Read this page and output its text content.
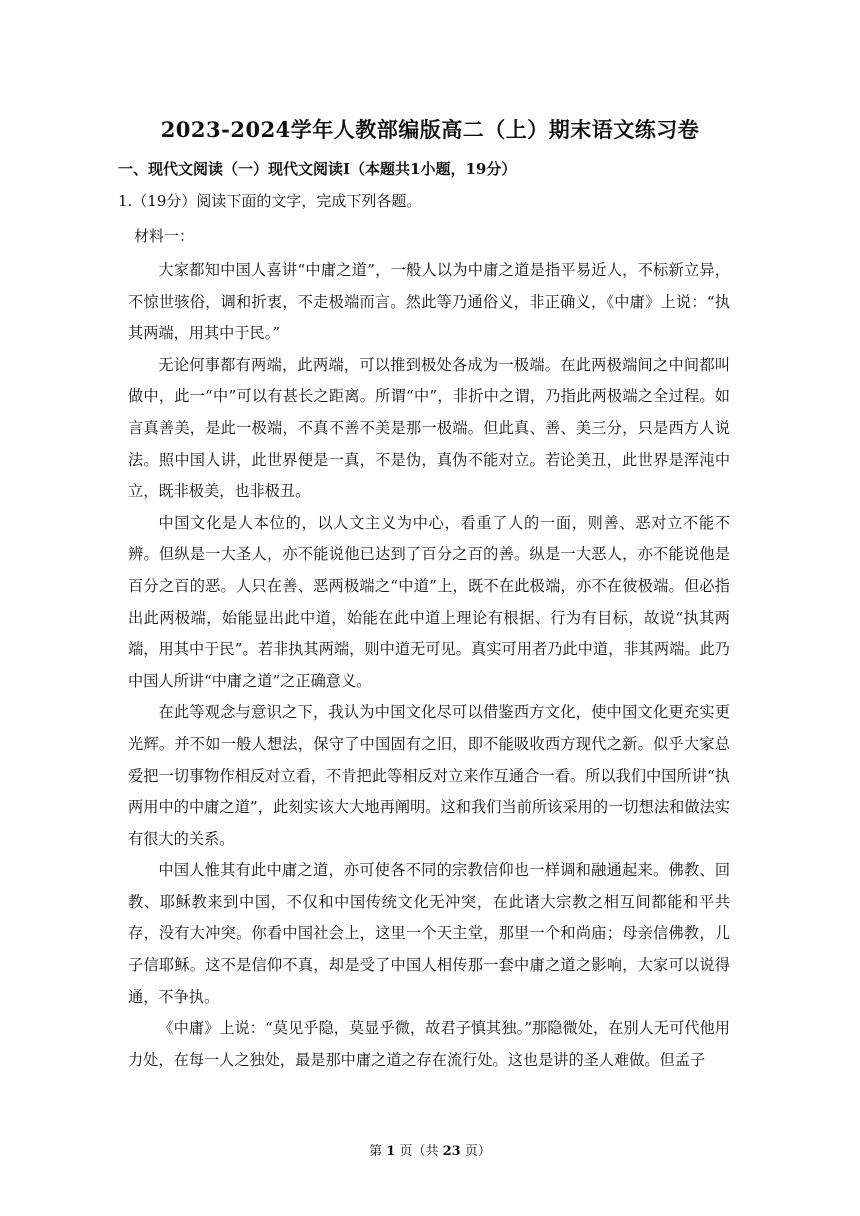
2023-2024学年人教部编版高二（上）期末语文练习卷
一、现代文阅读（一）现代文阅读Ⅰ（本题共1小题，19分）
1.（19分）阅读下面的文字，完成下列各题。
材料一：

大家都知中国人喜讲“中庸之道”，一般人以为中庸之道是指平易近人，不标新立异，不惊世骇俗，调和折衷，不走极端而言。然此等乃通俗义，非正确义，《中庸》上说：“执其两端，用其中于民。”

无论何事都有两端，此两端，可以推到极处各成为一极端。在此两极端间之中间都叫做中，此一“中”可以有甚长之距离。所谓“中”，非折中之谓，乃指此两极端之全过程。如言真善美，是此一极端，不真不善不美是那一极端。但此真、善、美三分，只是西方人说法。照中国人讲，此世界便是一真，不是伪，真伪不能对立。若论美丑，此世界是浑沌中立，既非极美，也非极丑。

中国文化是人本位的，以人文主义为中心，看重了人的一面，则善、恶对立不能不辨。但纵是一大圣人，亦不能说他已达到了百分之百的善。纵是一大恶人，亦不能说他是百分之百的恶。人只在善、恶两极端之“中道”上，既不在此极端，亦不在彼极端。但必指出此两极端，始能显出此中道，始能在此中道上理论有根据、行为有目标，故说“执其两端，用其中于民”。若非执其两端，则中道无可见。真实可用者乃此中道，非其两端。此乃中国人所讲“中庸之道”之正确意义。

在此等观念与意识之下，我认为中国文化尽可以借鉴西方文化，使中国文化更充实更光辉。并不如一般人想法，保守了中国固有之旧，即不能吸收西方现代之新。似乎大家总爱把一切事物作相反对立看，不肯把此等相反对立来作互通合一看。所以我们中国所讲“执两用中的中庸之道”，此刻实该大大地再阐明。这和我们当前所该采用的一切想法和做法实有很大的关系。

中国人惟其有此中庸之道，亦可使各不同的宗教信仰也一样调和融通起来。佛教、回教、耶稣教来到中国，不仅和中国传统文化无冲突，在此诸大宗教之相互间都能和平共存，没有大冲突。你看中国社会上，这里一个天主堂，那里一个和尚庙；母亲信佛教，儿子信耶稣。这不是信仰不真，却是受了中国人相传那一套中庸之道之影响，大家可以说得通，不争执。

《中庸》上说：“莫见乎隐，莫显乎微，故君子慎其独。”那隐微处，在别人无可代他用力处，在每一人之独处，最是那中庸之道之存在流行处。这也是讲的圣人难做。但孟子

第 1 页（共 23 页）
